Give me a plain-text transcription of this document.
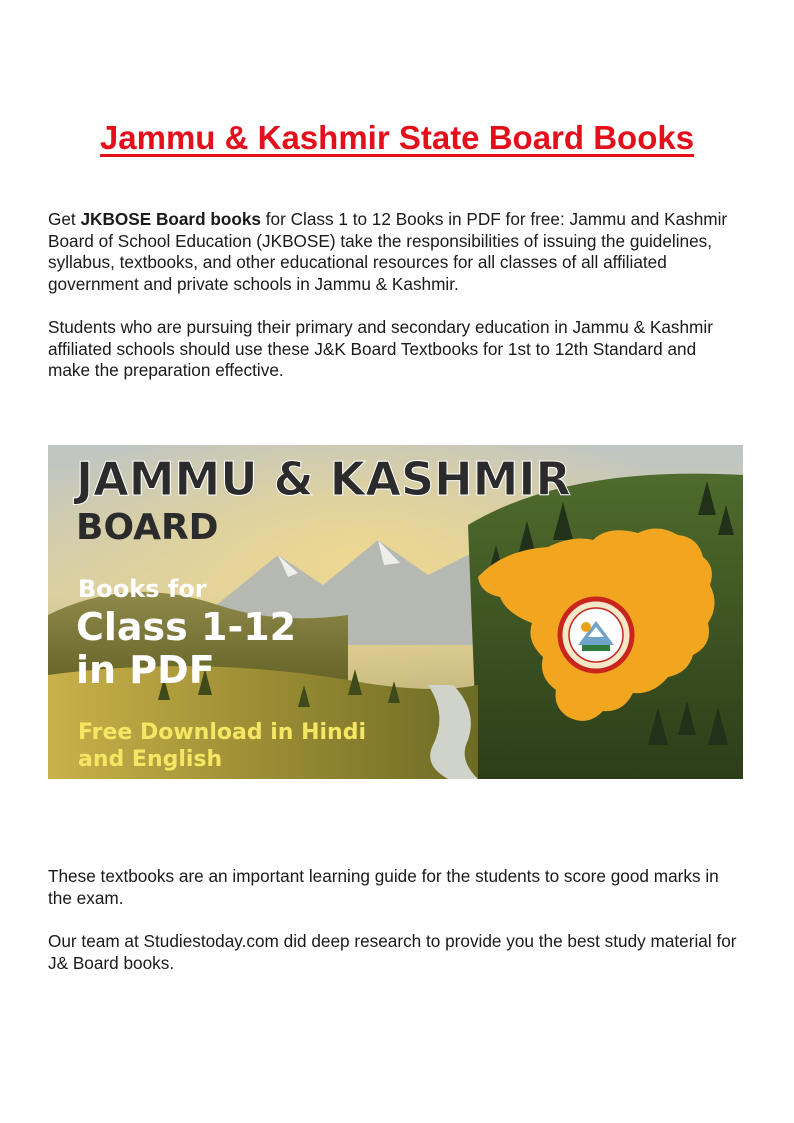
Jammu & Kashmir State Board Books

Get JKBOSE Board books for Class 1 to 12 Books in PDF for free: Jammu and Kashmir Board of School Education (JKBOSE) take the responsibilities of issuing the guidelines, syllabus, textbooks, and other educational resources for all classes of all affiliated government and private schools in Jammu & Kashmir.

Students who are pursuing their primary and secondary education in Jammu & Kashmir affiliated schools should use these J&K Board Textbooks for 1st to 12th Standard and make the preparation effective.

JAMMU & KASHMIR
BOARD
Books for
Class 1-12
in PDF
Free Download in Hindi
and English

These textbooks are an important learning guide for the students to score good marks in the exam.

Our team at Studiestoday.com did deep research to provide you the best study material for J& Board books.
